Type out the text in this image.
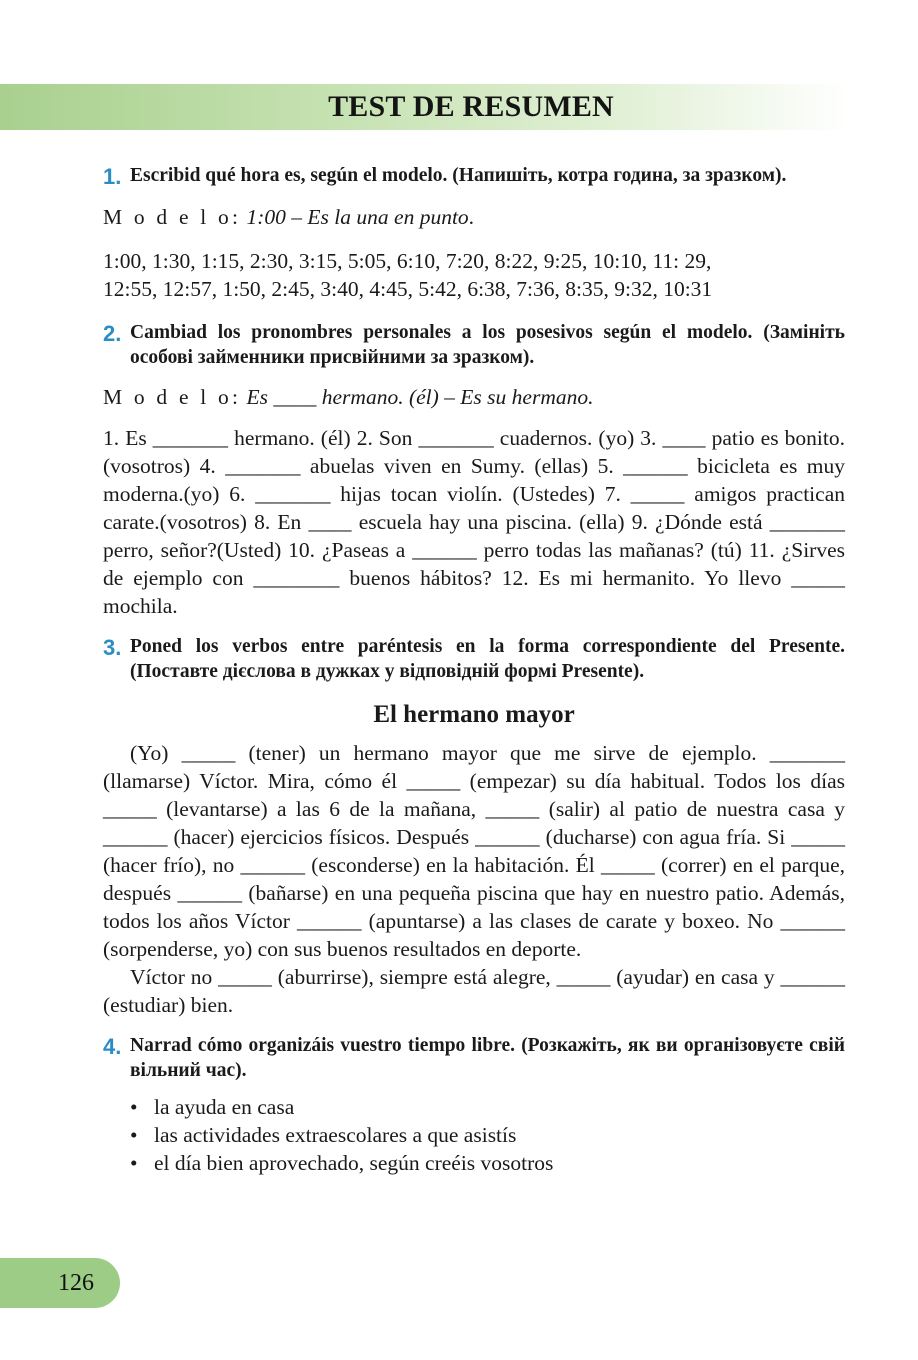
TEST DE RESUMEN
1. Escribid qué hora es, según el modelo. (Напишіть, котра година, за зразком).

M o d e l o: 1:00 – Es la una en punto.

1:00, 1:30, 1:15, 2:30, 3:15, 5:05, 6:10, 7:20, 8:22, 9:25, 10:10, 11: 29,
12:55, 12:57, 1:50, 2:45, 3:40, 4:45, 5:42, 6:38, 7:36, 8:35, 9:32, 10:31

2. Cambiad los pronombres personales a los posesivos según el modelo. (Замініть особові займенники присвійними за зразком).

M o d e l o: Es ____ hermano. (él) – Es su hermano.

1. Es _______ hermano. (él) 2. Son _______ cuadernos. (yo) 3. ____ patio es bonito. (vosotros) 4. _______ abuelas viven en Sumy. (ellas) 5. ______ bicicleta es muy moderna.(yo) 6. _______ hijas tocan violín. (Ustedes) 7. _____ amigos practican carate.(vosotros) 8. En ____ escuela hay una piscina. (ella) 9. ¿Dónde está _______ perro, señor?(Usted) 10. ¿Paseas a ______ perro todas las mañanas? (tú) 11. ¿Sirves de ejemplo con ________ buenos hábitos? 12. Es mi hermanito. Yo llevo _____ mochila.

3. Poned los verbos entre paréntesis en la forma correspondiente del Presente. (Поставте дієслова в дужках у відповідній формі Presente).

El hermano mayor

(Yo) _____ (tener) un hermano mayor que me sirve de ejemplo. _______ (llamarse) Víctor. Mira, cómo él _____ (empezar) su día habitual. Todos los días _____ (levantarse) a las 6 de la mañana, _____ (salir) al patio de nuestra casa y ______ (hacer) ejercicios físicos. Después ______ (ducharse) con agua fría. Si _____ (hacer frío), no ______ (esconderse) en la habitación. Él _____ (correr) en el parque, después ______ (bañarse) en una pequeña piscina que hay en nuestro patio. Además, todos los años Víctor ______ (apuntarse) a las clases de carate y boxeo. No ______ (sorpenderse, yo) con sus buenos resultados en deporte.

Víctor no _____ (aburrirse), siempre está alegre, _____ (ayudar) en casa y ______ (estudiar) bien.

4. Narrad cómo organizáis vuestro tiempo libre. (Розкажіть, як ви організовуєте свій вільний час).
• la ayuda en casa
• las actividades extraescolares a que asistís
• el día bien aprovechado, según creéis vosotros
126
